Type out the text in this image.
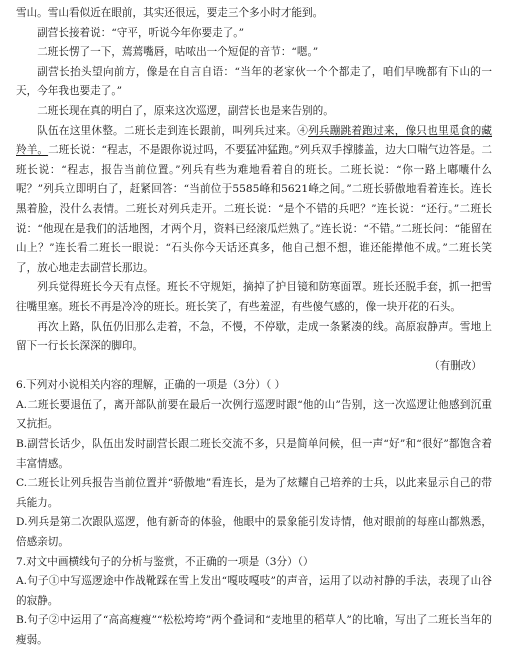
雪山。雪山看似近在眼前，其实还很远，要走三个多小时才能到。

副营长接着说：“守平，听说今年你要走了。”

二班长愣了一下，蔫蔫嘴唇，咕哝出一个短促的音节：“嗯。”

副营长抬头望向前方，像是在自言自语：“当年的老家伙一个个都走了，咱们早晚都有下山的一天，今年我也要走了。”

二班长现在真的明白了，原来这次巡逻，副营长也是来告别的。

队伍在这里休整。二班长走到连长跟前，叫列兵过来。④列兵蹦跳着跑过来，像只也里觅食的藏羚羊。二班长说：“程志，不是跟你说过吗，不要猛冲猛跑。”列兵双手撑膝盖，边大口喘气边答是。二班长说：“程志，报告当前位置。”列兵有些为难地看着自的班长。二班长说：“你一路上嘟囔什么呢？”列兵立即明白了，赶紧回答：“当前位于5585峰和5621峰之间。”二班长骄傲地看着连长。连长黑着脸，没什么表情。二班长对列兵走开。二班长说：“是个不错的兵吧？”连长说：“还行。”二班长说：“他现在是我们的活地图，才两个月，资料已经滚瓜烂熟了。”连长说：“不错。”二班长问：“能留在山上？”连长看二班长一眼说：“石头你今天话还真多，他自己想不想，谁还能撵他不成。”二班长笑了，放心地走去副营长那边。

列兵觉得班长今天有点怪。班长不守规矩，摘掉了护目镜和防寒面罩。班长还脱手套，抓一把雪往嘴里塞。班长不再是冷冷的班长。班长笑了，有些羞涩，有些傻气感的，像一块开花的石头。

再次上路，队伍仍旧那么走着，不急，不慢，不停歇，走成一条紧凑的线。高原寂静声。雪地上留下一行长长深深的脚印。

（有删改）

6.下列对小说相关内容的理解，正确的一项是（3分）（ ）

A.二班长要退伍了，离开部队前要在最后一次例行巡逻时跟“他的山”告别，这一次巡逻让他感到沉重又抗拒。

B.副营长话少，队伍出发时副营长跟二班长交流不多，只是简单问候，但一声“好”和“很好”都饱含着丰富情感。

C.二班长让列兵报告当前位置并“骄傲地”看连长，是为了炫耀自己培养的士兵，以此来显示自己的带兵能力。

D.列兵是第二次跟队巡逻，他有新奇的体验，他眼中的景象能引发诗情，他对眼前的每座山都熟悉，倍感亲切。

7.对文中画横线句子的分析与鉴赏，不正确的一项是（3分）（）

A.句子①中写巡逻途中作战靴踩在雪上发出“嘎吱嘎吱”的声音，运用了以动衬静的手法，表现了山谷的寂静。

B.句子②中运用了“高高瘦瘦”“松松垮垮”两个叠词和“麦地里的稻草人”的比喻，写出了二班长当年的瘦弱。
